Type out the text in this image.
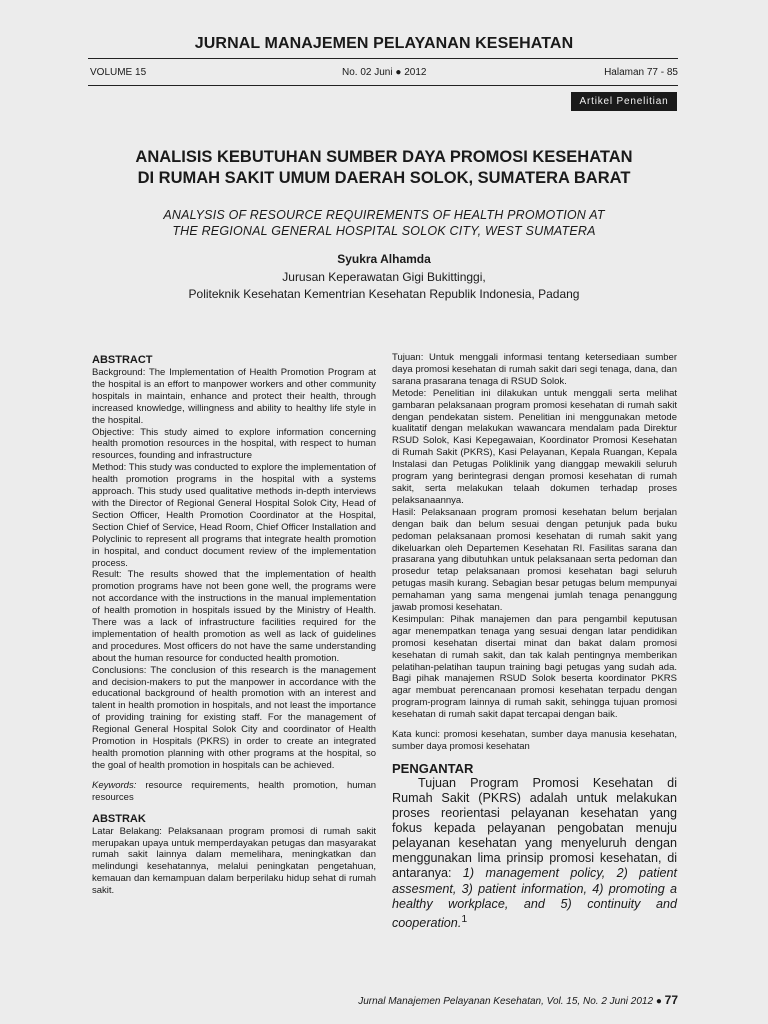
JURNAL MANAJEMEN PELAYANAN KESEHATAN
VOLUME 15	No. 02 Juni ● 2012	Halaman 77 - 85
Artikel Penelitian
ANALISIS KEBUTUHAN SUMBER DAYA PROMOSI KESEHATAN
DI RUMAH SAKIT UMUM DAERAH SOLOK, SUMATERA BARAT
ANALYSIS OF RESOURCE REQUIREMENTS OF HEALTH PROMOTION AT
THE REGIONAL GENERAL HOSPITAL SOLOK CITY, WEST SUMATERA
Syukra Alhamda
Jurusan Keperawatan Gigi Bukittinggi,
Politeknik Kesehatan Kementrian Kesehatan Republik Indonesia, Padang

ABSTRACT

Background: The Implementation of Health Promotion Program at the hospital is an effort to manpower workers and other community hospitals in maintain, enhance and protect their health, through increased knowledge, willingness and ability to healthy life style in the hospital.

Objective: This study aimed to explore information concerning health promotion resources in the hospital, with respect to human resources, founding and infrastructure

Method: This study was conducted to explore the implementation of health promotion programs in the hospital with a systems approach. This study used qualitative methods in-depth interviews with the Director of Regional General Hospital Solok City, Head of Section Officer, Health Promotion Coordinator at the Hospital, Section Chief of Service, Head Room, Chief Officer Installation and Polyclinic to represent all programs that integrate health promotion in hospital, and conduct document review of the implementation process.

Result: The results showed that the implementation of health promotion programs have not been gone well, the programs were not accordance with the instructions in the manual implementation of health promotion in hospitals issued by the Ministry of Health. There was a lack of infrastructure facilities required for the implementation of health promotion as well as lack of guidelines and procedures. Most officers do not have the same understanding about the human resource for conducted health promotion.

Conclusions: The conclusion of this research is the management and decision-makers to put the manpower in accordance with the educational background of health promotion with an interest and talent in health promotion in hospitals, and not least the importance of providing training for existing staff. For the management of Regional General Hospital Solok City and coordinator of Health Promotion in Hospitals (PKRS) in order to create an integrated health promotion planning with other programs at the hospital, so the goal of health promotion in hospitals can be achieved.

Keywords: resource requirements, health promotion, human resources

ABSTRAK

Latar Belakang: Pelaksanaan program promosi di rumah sakit merupakan upaya untuk memperdayakan petugas dan masyarakat rumah sakit lainnya dalam memelihara, meningkatkan dan melindungi kesehatannya, melalui peningkatan pengetahuan, kemauan dan kemampuan dalam berperilaku hidup sehat di rumah sakit.

Tujuan: Untuk menggali informasi tentang ketersediaan sumber daya promosi kesehatan di rumah sakit dari segi tenaga, dana, dan sarana prasarana tenaga di RSUD Solok.

Metode: Penelitian ini dilakukan untuk menggali serta melihat gambaran pelaksanaan program promosi kesehatan di rumah sakit dengan pendekatan sistem. Penelitian ini menggunakan metode kualitatif dengan melakukan wawancara mendalam pada Direktur RSUD Solok, Kasi Kepegawaian, Koordinator Promosi Kesehatan di Rumah Sakit (PKRS), Kasi Pelayanan, Kepala Ruangan, Kepala Instalasi dan Petugas Poliklinik yang dianggap mewakili seluruh program yang berintegrasi dengan promosi kesehatan di rumah sakit, serta melakukan telaah dokumen terhadap proses pelaksanaannya.

Hasil: Pelaksanaan program promosi kesehatan belum berjalan dengan baik dan belum sesuai dengan petunjuk pada buku pedoman pelaksanaan promosi kesehatan di rumah sakit yang dikeluarkan oleh Departemen Kesehatan RI. Fasilitas sarana dan prasarana yang dibutuhkan untuk pelaksanaan serta pedoman dan prosedur tetap pelaksanaan promosi kesehatan bagi seluruh petugas masih kurang. Sebagian besar petugas belum mempunyai pemahaman yang sama mengenai jumlah tenaga penanggung jawab promosi kesehatan.

Kesimpulan: Pihak manajemen dan para pengambil keputusan agar menempatkan tenaga yang sesuai dengan latar pendidikan promosi kesehatan disertai minat dan bakat dalam promosi kesehatan di rumah sakit, dan tak kalah pentingnya memberikan pelatihan-pelatihan taupun training bagi petugas yang sudah ada. Bagi pihak manajemen RSUD Solok beserta koordinator PKRS agar membuat perencanaan promosi kesehatan terpadu dengan program-program lainnya di rumah sakit, sehingga tujuan promosi kesehatan di rumah sakit dapat tercapai dengan baik.

Kata kunci: promosi kesehatan, sumber daya manusia kesehatan, sumber daya promosi kesehatan

PENGANTAR

Tujuan Program Promosi Kesehatan di Rumah Sakit (PKRS) adalah untuk melakukan proses reorientasi pelayanan kesehatan yang fokus kepada pelayanan pengobatan menuju pelayanan kesehatan yang menyeluruh dengan menggunakan lima prinsip promosi kesehatan, di antaranya: 1) management policy, 2) patient assesment, 3) patient information, 4) promoting a healthy workplace, and 5) continuity and cooperation.$^1$

Jurnal Manajemen Pelayanan Kesehatan, Vol. 15, No. 2 Juni 2012 ● 77
